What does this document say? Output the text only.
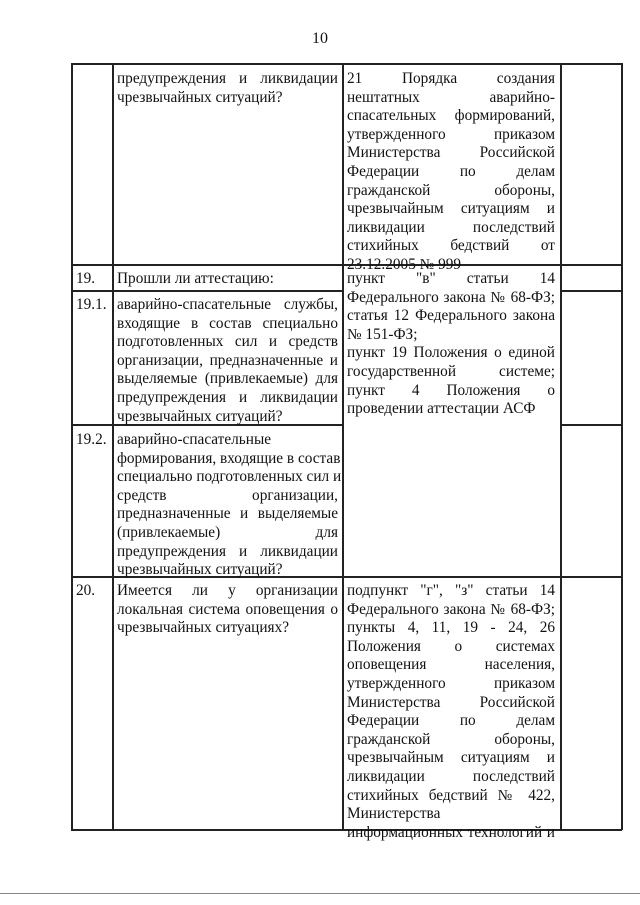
10
предупреждения и ликвидации
чрезвычайных ситуаций?
21 Порядка создания
нештатных аварийно-
спасательных формирований,
утвержденного приказом
Министерства Российской
Федерации по делам
гражданской обороны,
чрезвычайным ситуациям и
ликвидации последствий
стихийных бедствий от
23.12.2005 № 999
19. Прошли ли аттестацию:	пункт "в" статьи 14
Федерального закона № 68-ФЗ;
статья 12 Федерального закона
№ 151-ФЗ;
пункт 19 Положения о единой
государственной системе;
пункт 4 Положения о
проведении аттестации АСФ
19.1. аварийно-спасательные службы,
входящие в состав специально
подготовленных сил и средств
организации, предназначенные и
выделяемые (привлекаемые) для
предупреждения и ликвидации
чрезвычайных ситуаций?
19.2. аварийно-спасательные
формирования, входящие в состав
специально подготовленных сил и
средств организации,
предназначенные и выделяемые
(привлекаемые) для
предупреждения и ликвидации
чрезвычайных ситуаций?
20. Имеется ли у организации
локальная система оповещения о
чрезвычайных ситуациях?
подпункт "г", "з" статьи 14
Федерального закона № 68-ФЗ;
пункты 4, 11, 19 - 24, 26
Положения о системах
оповещения населения,
утвержденного приказом
Министерства Российской
Федерации по делам
гражданской обороны,
чрезвычайным ситуациям и
ликвидации последствий
стихийных бедствий № 422,
Министерства
информационных технологий и
